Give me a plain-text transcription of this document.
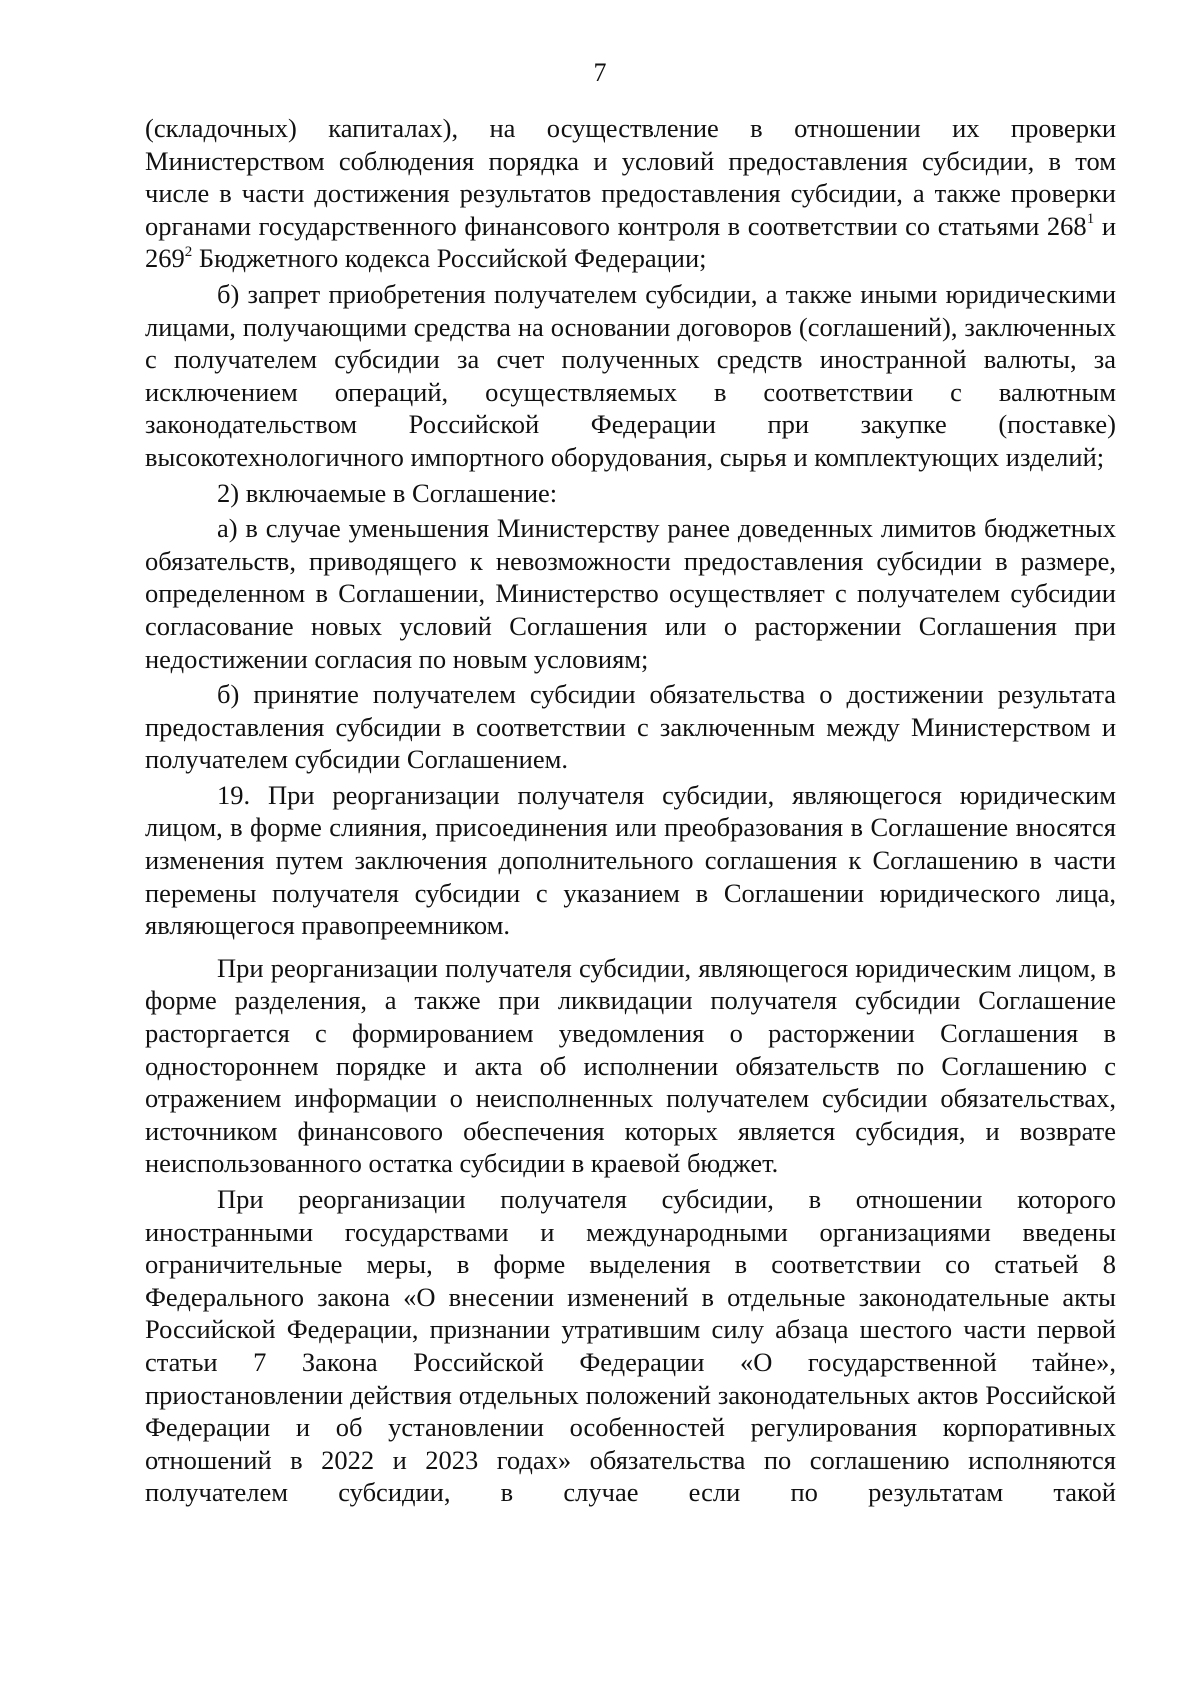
7

(складочных) капиталах), на осуществление в отношении их проверки Министерством соблюдения порядка и условий предоставления субсидии, в том числе в части достижения результатов предоставления субсидии, а также проверки органами государственного финансового контроля в соответствии со статьями $268^1$ и $269^2$ Бюджетного кодекса Российской Федерации;

б) запрет приобретения получателем субсидии, а также иными юридическими лицами, получающими средства на основании договоров (соглашений), заключенных с получателем субсидии за счет полученных средств иностранной валюты, за исключением операций, осуществляемых в соответствии с валютным законодательством Российской Федерации при закупке (поставке) высокотехнологичного импортного оборудования, сырья и комплектующих изделий;

2) включаемые в Соглашение:

а) в случае уменьшения Министерству ранее доведенных лимитов бюджетных обязательств, приводящего к невозможности предоставления субсидии в размере, определенном в Соглашении, Министерство осуществляет с получателем субсидии согласование новых условий Соглашения или о расторжении Соглашения при недостижении согласия по новым условиям;

б) принятие получателем субсидии обязательства о достижении результата предоставления субсидии в соответствии с заключенным между Министерством и получателем субсидии Соглашением.

19. При реорганизации получателя субсидии, являющегося юридическим лицом, в форме слияния, присоединения или преобразования в Соглашение вносятся изменения путем заключения дополнительного соглашения к Соглашению в части перемены получателя субсидии с указанием в Соглашении юридического лица, являющегося правопреемником.

При реорганизации получателя субсидии, являющегося юридическим лицом, в форме разделения, а также при ликвидации получателя субсидии Соглашение расторгается с формированием уведомления о расторжении Соглашения в одностороннем порядке и акта об исполнении обязательств по Соглашению с отражением информации о неисполненных получателем субсидии обязательствах, источником финансового обеспечения которых является субсидия, и возврате неиспользованного остатка субсидии в краевой бюджет.

При реорганизации получателя субсидии, в отношении которого иностранными государствами и международными организациями введены ограничительные меры, в форме выделения в соответствии со статьей 8 Федерального закона «О внесении изменений в отдельные законодательные акты Российской Федерации, признании утратившим силу абзаца шестого части первой статьи 7 Закона Российской Федерации «О государственной тайне», приостановлении действия отдельных положений законодательных актов Российской Федерации и об установлении особенностей регулирования корпоративных отношений в 2022 и 2023 годах» обязательства по соглашению исполняются получателем субсидии, в случае если по результатам такой
